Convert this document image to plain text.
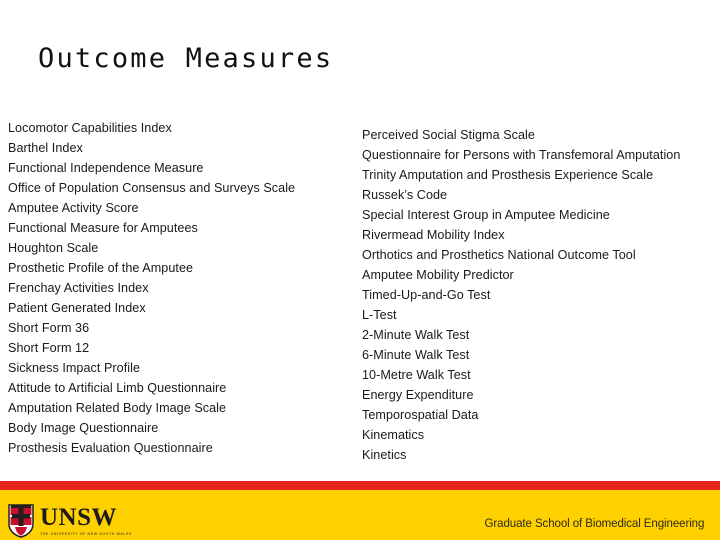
Outcome Measures
Locomotor Capabilities Index
Barthel Index
Functional Independence Measure
Office of Population Consensus and Surveys Scale
Amputee Activity Score
Functional Measure for Amputees
Houghton Scale
Prosthetic Profile of the Amputee
Frenchay Activities Index
Patient Generated Index
Short Form 36
Short Form 12
Sickness Impact Profile
Attitude to Artificial Limb Questionnaire
Amputation Related Body Image Scale
Body Image Questionnaire
Prosthesis Evaluation Questionnaire
Perceived Social Stigma Scale
Questionnaire for Persons with Transfemoral Amputation
Trinity Amputation and Prosthesis Experience Scale
Russek’s Code
Special Interest Group in Amputee Medicine
Rivermead Mobility Index
Orthotics and Prosthetics National Outcome Tool
Amputee Mobility Predictor
Timed-Up-and-Go Test
L-Test
2-Minute Walk Test
6-Minute Walk Test
10-Metre Walk Test
Energy Expenditure
Temporospatial Data
Kinematics
Kinetics
UNSW
THE UNIVERSITY OF NEW SOUTH WALES
Graduate School of Biomedical Engineering
